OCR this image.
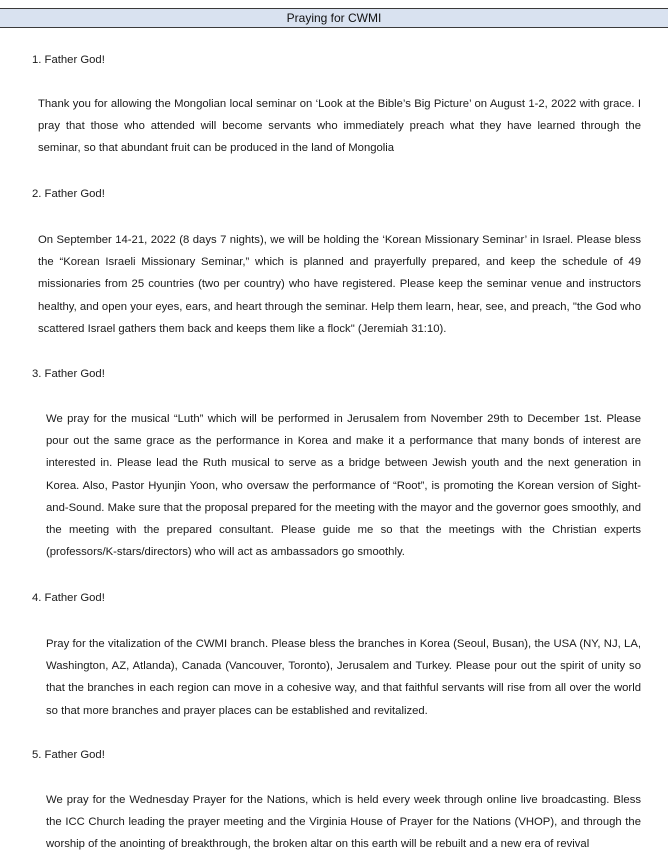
Praying for CWMI
1. Father God!
Thank you for allowing the Mongolian local seminar on ‘Look at the Bible’s Big Picture’ on August 1-2, 2022 with grace. I pray that those who attended will become servants who immediately preach what they have learned through the seminar, so that abundant fruit can be produced in the land of Mongolia
2. Father God!
On September 14-21, 2022 (8 days 7 nights), we will be holding the ‘Korean Missionary Seminar’ in Israel. Please bless the “Korean Israeli Missionary Seminar,” which is planned and prayerfully prepared, and keep the schedule of 49 missionaries from 25 countries (two per country) who have registered. Please keep the seminar venue and instructors healthy, and open your eyes, ears, and heart through the seminar. Help them learn, hear, see, and preach, "the God who scattered Israel gathers them back and keeps them like a flock" (Jeremiah 31:10).
3. Father God!
We pray for the musical “Luth” which will be performed in Jerusalem from November 29th to December 1st. Please pour out the same grace as the performance in Korea and make it a performance that many bonds of interest are interested in. Please lead the Ruth musical to serve as a bridge between Jewish youth and the next generation in Korea. Also, Pastor Hyunjin Yoon, who oversaw the performance of “Root”, is promoting the Korean version of Sight-and-Sound. Make sure that the proposal prepared for the meeting with the mayor and the governor goes smoothly, and the meeting with the prepared consultant. Please guide me so that the meetings with the Christian experts (professors/K-stars/directors) who will act as ambassadors go smoothly.
4. Father God!
Pray for the vitalization of the CWMI branch. Please bless the branches in Korea (Seoul, Busan), the USA (NY, NJ, LA, Washington, AZ, Atlanda), Canada (Vancouver, Toronto), Jerusalem and Turkey. Please pour out the spirit of unity so that the branches in each region can move in a cohesive way, and that faithful servants will rise from all over the world so that more branches and prayer places can be established and revitalized.
5. Father God!
We pray for the Wednesday Prayer for the Nations, which is held every week through online live broadcasting. Bless the ICC Church leading the prayer meeting and the Virginia House of Prayer for the Nations (VHOP), and through the worship of the anointing of breakthrough, the broken altar on this earth will be rebuilt and a new era of revival
